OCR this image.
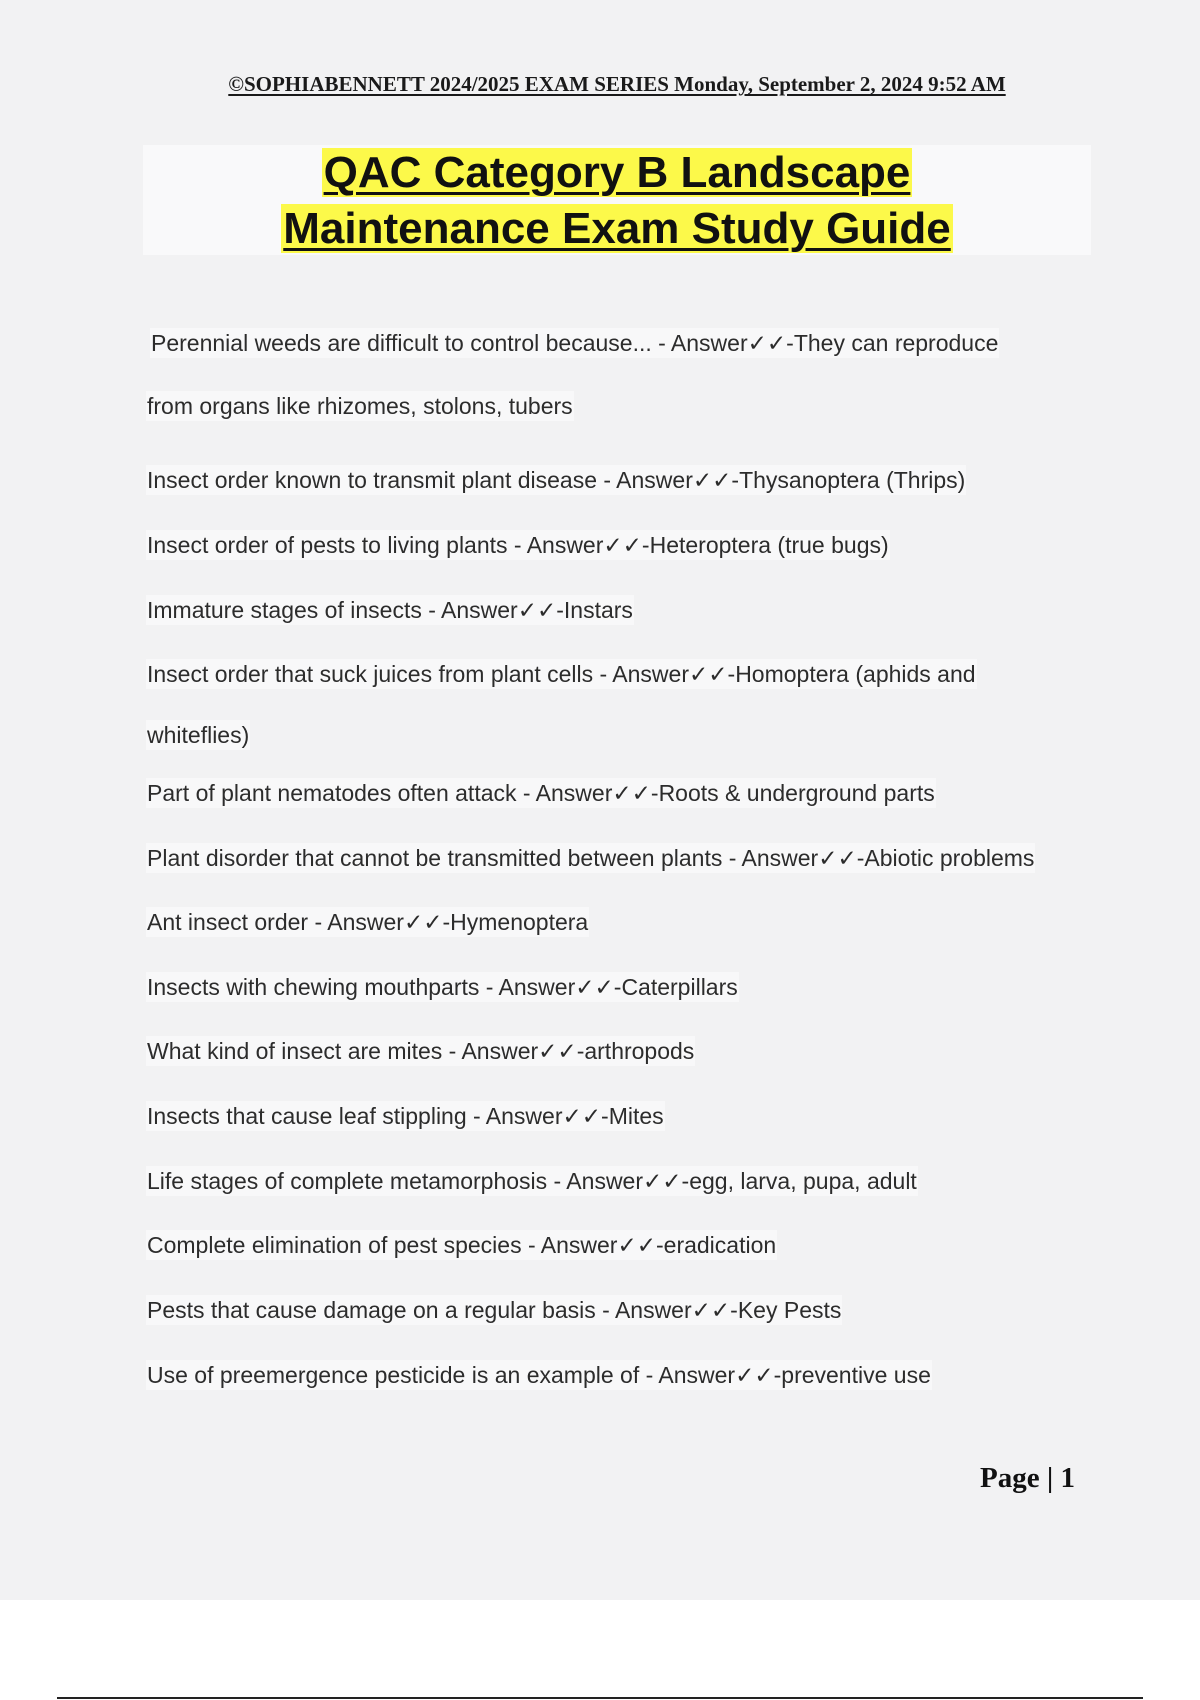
©SOPHIABENNETT 2024/2025 EXAM SERIES Monday, September 2, 2024 9:52 AM
QAC Category B Landscape
Maintenance Exam Study Guide
Perennial weeds are difficult to control because... - Answer✓✓-They can reproduce
from organs like rhizomes, stolons, tubers
Insect order known to transmit plant disease - Answer✓✓-Thysanoptera (Thrips)
Insect order of pests to living plants - Answer✓✓-Heteroptera (true bugs)
Immature stages of insects - Answer✓✓-Instars
Insect order that suck juices from plant cells - Answer✓✓-Homoptera (aphids and
whiteflies)
Part of plant nematodes often attack - Answer✓✓-Roots & underground parts
Plant disorder that cannot be transmitted between plants - Answer✓✓-Abiotic problems
Ant insect order - Answer✓✓-Hymenoptera
Insects with chewing mouthparts - Answer✓✓-Caterpillars
What kind of insect are mites - Answer✓✓-arthropods
Insects that cause leaf stippling - Answer✓✓-Mites
Life stages of complete metamorphosis - Answer✓✓-egg, larva, pupa, adult
Complete elimination of pest species - Answer✓✓-eradication
Pests that cause damage on a regular basis - Answer✓✓-Key Pests
Use of preemergence pesticide is an example of - Answer✓✓-preventive use
Page | 1
